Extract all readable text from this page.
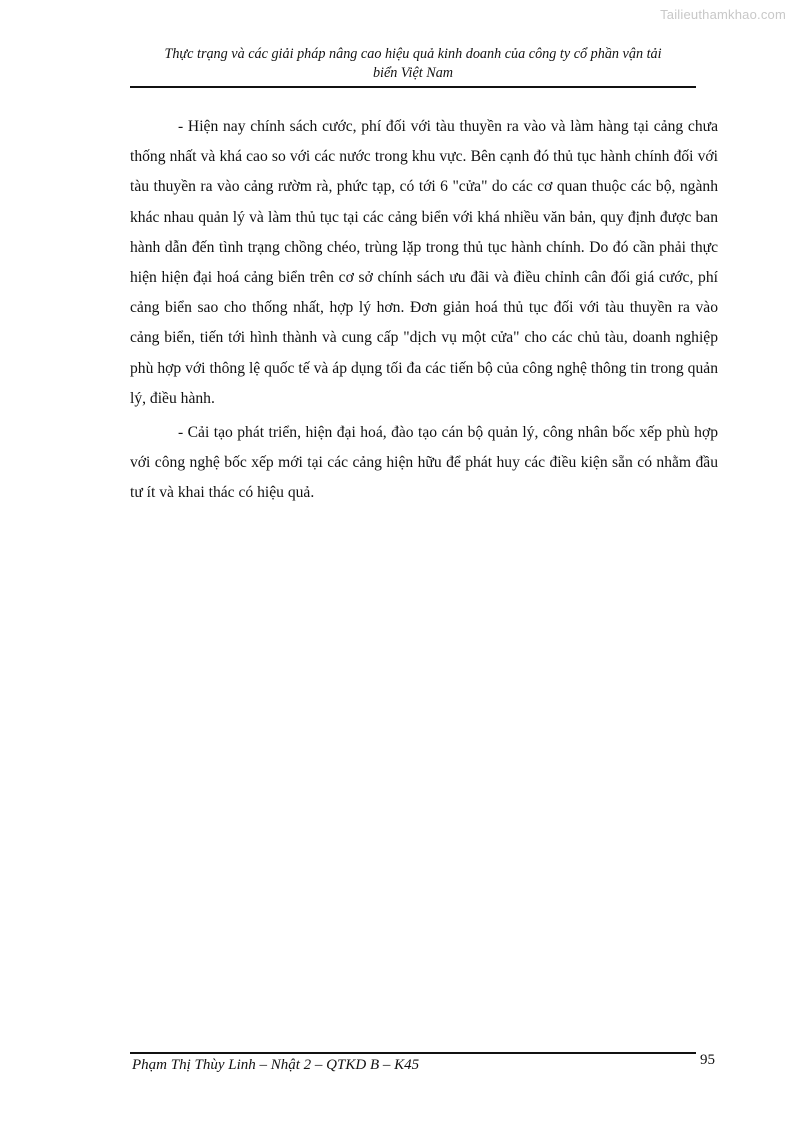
Tailieuthamkhao.com
Thực trạng và các giải pháp nâng cao hiệu quả kinh doanh của công ty cổ phần vận tải
biển Việt Nam

- Hiện nay chính sách cước, phí đối với tàu thuyền ra vào và làm hàng tại cảng chưa thống nhất và khá cao so với các nước trong khu vực. Bên cạnh đó thủ tục hành chính đối với tàu thuyền ra vào cảng rườm rà, phức tạp, có tới 6 "cửa" do các cơ quan thuộc các bộ, ngành khác nhau quản lý và làm thủ tục tại các cảng biển với khá nhiều văn bản, quy định được ban hành dẫn đến tình trạng chồng chéo, trùng lặp trong thủ tục hành chính. Do đó cần phải thực hiện hiện đại hoá cảng biển trên cơ sở chính sách ưu đãi và điều chỉnh cân đối giá cước, phí cảng biển sao cho thống nhất, hợp lý hơn. Đơn giản hoá thủ tục đối với tàu thuyền ra vào cảng biển, tiến tới hình thành và cung cấp "dịch vụ một cửa" cho các chủ tàu, doanh nghiệp phù hợp với thông lệ quốc tế và áp dụng tối đa các tiến bộ của công nghệ thông tin trong quản lý, điều hành.

- Cải tạo phát triển, hiện đại hoá, đào tạo cán bộ quản lý, công nhân bốc xếp phù hợp với công nghệ bốc xếp mới tại các cảng hiện hữu để phát huy các điều kiện sẵn có nhằm đầu tư ít và khai thác có hiệu quả.

Phạm Thị Thùy Linh – Nhật 2 – QTKD B – K45	95
